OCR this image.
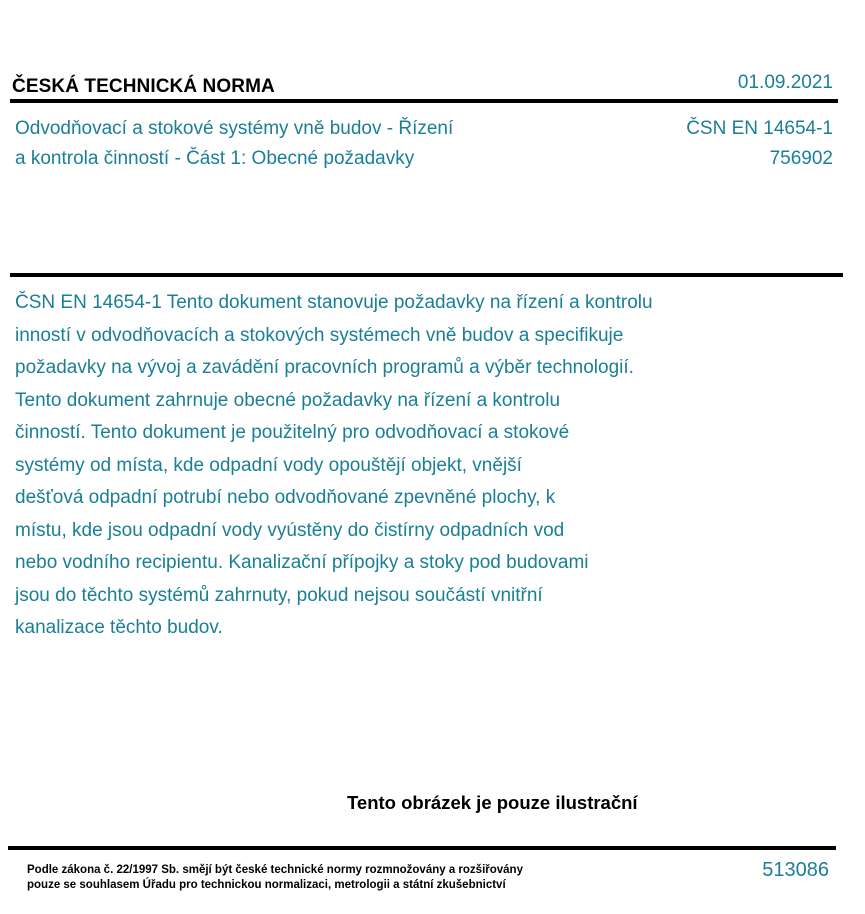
ČESKÁ TECHNICKÁ NORMA	01.09.2021
Odvodňovací a stokové systémy vně budov - Řízení
a kontrola činností - Část 1: Obecné požadavky
ČSN EN 14654-1
756902
ČSN EN 14654-1 Tento dokument stanovuje požadavky na řízení a kontrolu
inností v odvodňovacích a stokových systémech vně budov a specifikuje
požadavky na vývoj a zavádění pracovních programů a výběr technologií.
Tento dokument zahrnuje obecné požadavky na řízení a kontrolu
činností. Tento dokument je použitelný pro odvodňovací a stokové
systémy od místa, kde odpadní vody opouštějí objekt, vnější
dešťová odpadní potrubí nebo odvodňované zpevněné plochy, k
místu, kde jsou odpadní vody vyústěny do čistírny odpadních vod
nebo vodního recipientu. Kanalizační přípojky a stoky pod budovami
jsou do těchto systémů zahrnuty, pokud nejsou součástí vnitřní
kanalizace těchto budov.
Tento obrázek je pouze ilustrační
Podle zákona č. 22/1997 Sb. smějí být české technické normy rozmnožovány a rozšiřovány
pouze se souhlasem Úřadu pro technickou normalizaci, metrologii a státní zkušebnictví
513086
